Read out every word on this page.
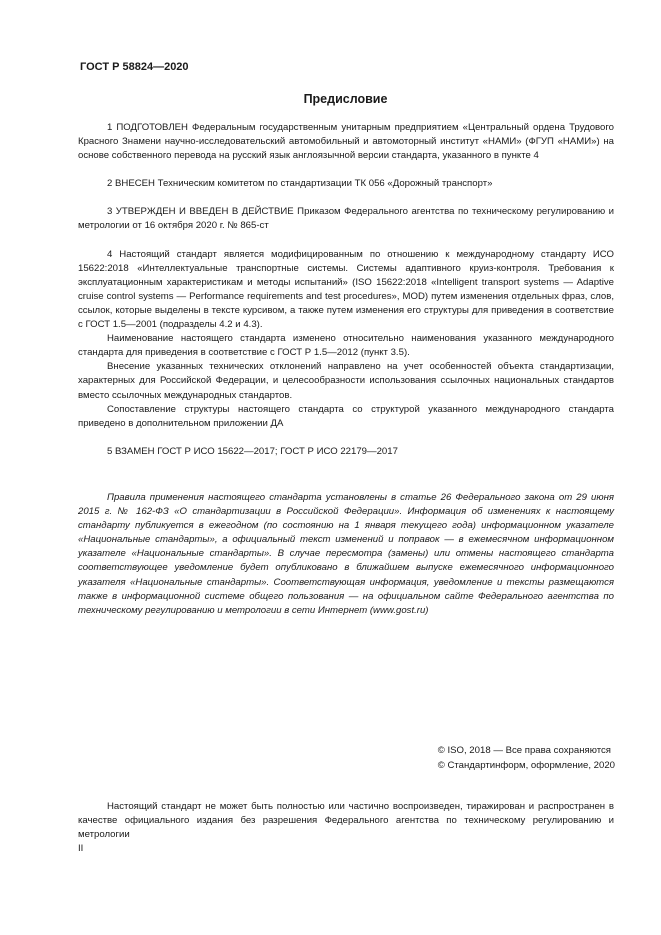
ГОСТ Р 58824—2020
Предисловие

1 ПОДГОТОВЛЕН Федеральным государственным унитарным предприятием «Центральный ордена Трудового Красного Знамени научно-исследовательский автомобильный и автомоторный институт «НАМИ» (ФГУП «НАМИ») на основе собственного перевода на русский язык англоязычной версии стандарта, указанного в пункте 4

2 ВНЕСЕН Техническим комитетом по стандартизации ТК 056 «Дорожный транспорт»

3 УТВЕРЖДЕН И ВВЕДЕН В ДЕЙСТВИЕ Приказом Федерального агентства по техническому регулированию и метрологии от 16 октября 2020 г. № 865-ст

4 Настоящий стандарт является модифицированным по отношению к международному стандарту ИСО 15622:2018 «Интеллектуальные транспортные системы. Системы адаптивного круиз-контроля. Требования к эксплуатационным характеристикам и методы испытаний» (ISO 15622:2018 «Intelligent transport systems — Adaptive cruise control systems — Performance requirements and test procedures», MOD) путем изменения отдельных фраз, слов, ссылок, которые выделены в тексте курсивом, а также путем изменения его структуры для приведения в соответствие с ГОСТ 1.5—2001 (подразделы 4.2 и 4.3).

Наименование настоящего стандарта изменено относительно наименования указанного международного стандарта для приведения в соответствие с ГОСТ Р 1.5—2012 (пункт 3.5).

Внесение указанных технических отклонений направлено на учет особенностей объекта стандартизации, характерных для Российской Федерации, и целесообразности использования ссылочных национальных стандартов вместо ссылочных международных стандартов.

Сопоставление структуры настоящего стандарта со структурой указанного международного стандарта приведено в дополнительном приложении ДА

5 ВЗАМЕН ГОСТ Р ИСО 15622—2017; ГОСТ Р ИСО 22179—2017

Правила применения настоящего стандарта установлены в статье 26 Федерального закона от 29 июня 2015 г. № 162-ФЗ «О стандартизации в Российской Федерации». Информация об изменениях к настоящему стандарту публикуется в ежегодном (по состоянию на 1 января текущего года) информационном указателе «Национальные стандарты», а официальный текст изменений и поправок — в ежемесячном информационном указателе «Национальные стандарты». В случае пересмотра (замены) или отмены настоящего стандарта соответствующее уведомление будет опубликовано в ближайшем выпуске ежемесячного информационного указателя «Национальные стандарты». Соответствующая информация, уведомление и тексты размещаются также в информационной системе общего пользования — на официальном сайте Федерального агентства по техническому регулированию и метрологии в сети Интернет (www.gost.ru)

© ISO, 2018 — Все права сохраняются
© Стандартинформ, оформление, 2020

Настоящий стандарт не может быть полностью или частично воспроизведен, тиражирован и распространен в качестве официального издания без разрешения Федерального агентства по техническому регулированию и метрологии

II
